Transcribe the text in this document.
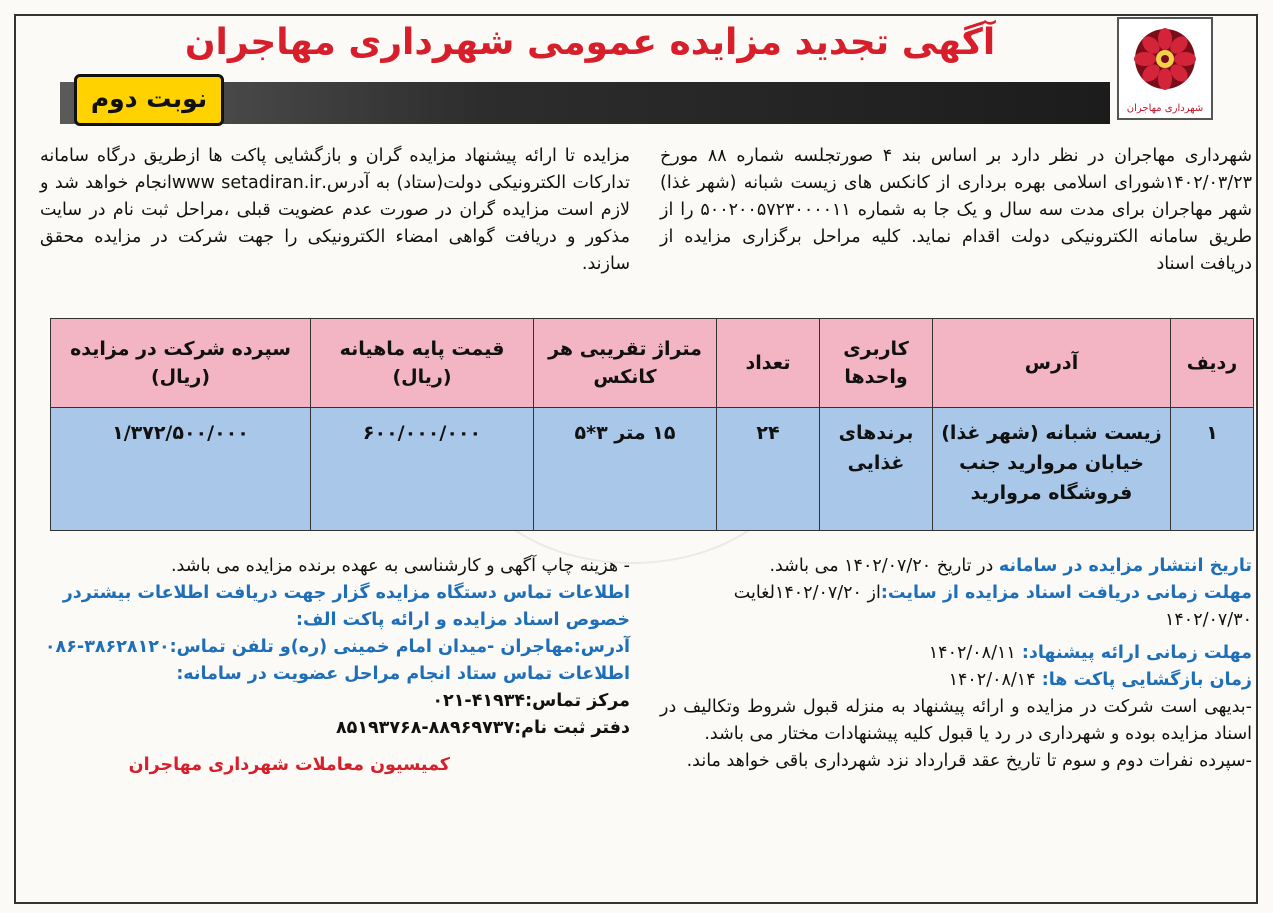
شهرداری مهاجران
آگهی تجدید مزایده عمومی شهرداری مهاجران
نوبت دوم
شهرداری مهاجران در نظر دارد بر اساس بند ۴ صورتجلسه شماره ۸۸ مورخ ۱۴۰۲/۰۳/۲۳شورای اسلامی بهره برداری از کانکس های زیست شبانه (شهر غذا) شهر مهاجران برای مدت سه سال و یک جا به شماره ۵۰۰۲۰۰۵۷۲۳۰۰۰۰۱۱ را از طریق سامانه الکترونیکی دولت اقدام نماید. کلیه مراحل برگزاری مزایده از دریافت اسناد
مزایده تا ارائه پیشنهاد مزایده گران و بازگشایی پاکت ها ازطریق درگاه سامانه تدارکات الکترونیکی دولت(ستاد) به آدرس.www setadiran.irانجام خواهد شد و لازم است مزایده گران در صورت عدم عضویت قبلی ،مراحل ثبت نام در سایت مذکور و دریافت گواهی امضاء الکترونیکی را جهت شرکت در مزایده محقق سازند.
ردیف	آدرس	کاربری واحدها	تعداد	متراژ تقریبی هر کانکس	قیمت پایه ماهیانه (ریال)	سپرده شرکت در مزایده (ریال)
۱	زیست شبانه (شهر غذا) خیابان مروارید جنب فروشگاه مروارید	برندهای غذایی	۲۴	۱۵ متر ۳*۵	۶۰۰/۰۰۰/۰۰۰	۱/۳۷۲/۵۰۰/۰۰۰

تاریخ انتشار مزایده در سامانه در تاریخ ۱۴۰۲/۰۷/۲۰ می باشد.

مهلت زمانی دریافت اسناد مزایده از سایت:از ۱۴۰۲/۰۷/۲۰لغایت ۱۴۰۲/۰۷/۳۰

مهلت زمانی ارائه پیشنهاد: ۱۴۰۲/۰۸/۱۱

زمان بازگشایی پاکت ها: ۱۴۰۲/۰۸/۱۴

-بدیهی است شرکت در مزایده و ارائه پیشنهاد به منزله قبول شروط وتکالیف در اسناد مزایده بوده و شهرداری در رد یا قبول کلیه پیشنهادات مختار می باشد.

-سپرده نفرات دوم و سوم تا تاریخ عقد قرارداد نزد شهرداری باقی خواهد ماند.

- هزینه چاپ آگهی و کارشناسی به عهده برنده مزایده می باشد.

اطلاعات تماس دستگاه مزایده گزار جهت دریافت اطلاعات بیشتردر خصوص اسناد مزایده و ارائه پاکت الف:

آدرس:مهاجران -میدان امام خمینی (ره)و تلفن تماس:۳۸۶۲۸۱۲۰-۰۸۶

اطلاعات تماس ستاد انجام مراحل عضویت در سامانه:

مرکز تماس:۴۱۹۳۴-۰۲۱

دفتر ثبت نام:۸۸۹۶۹۷۳۷-۸۵۱۹۳۷۶۸

کمیسیون معاملات شهرداری مهاجران
